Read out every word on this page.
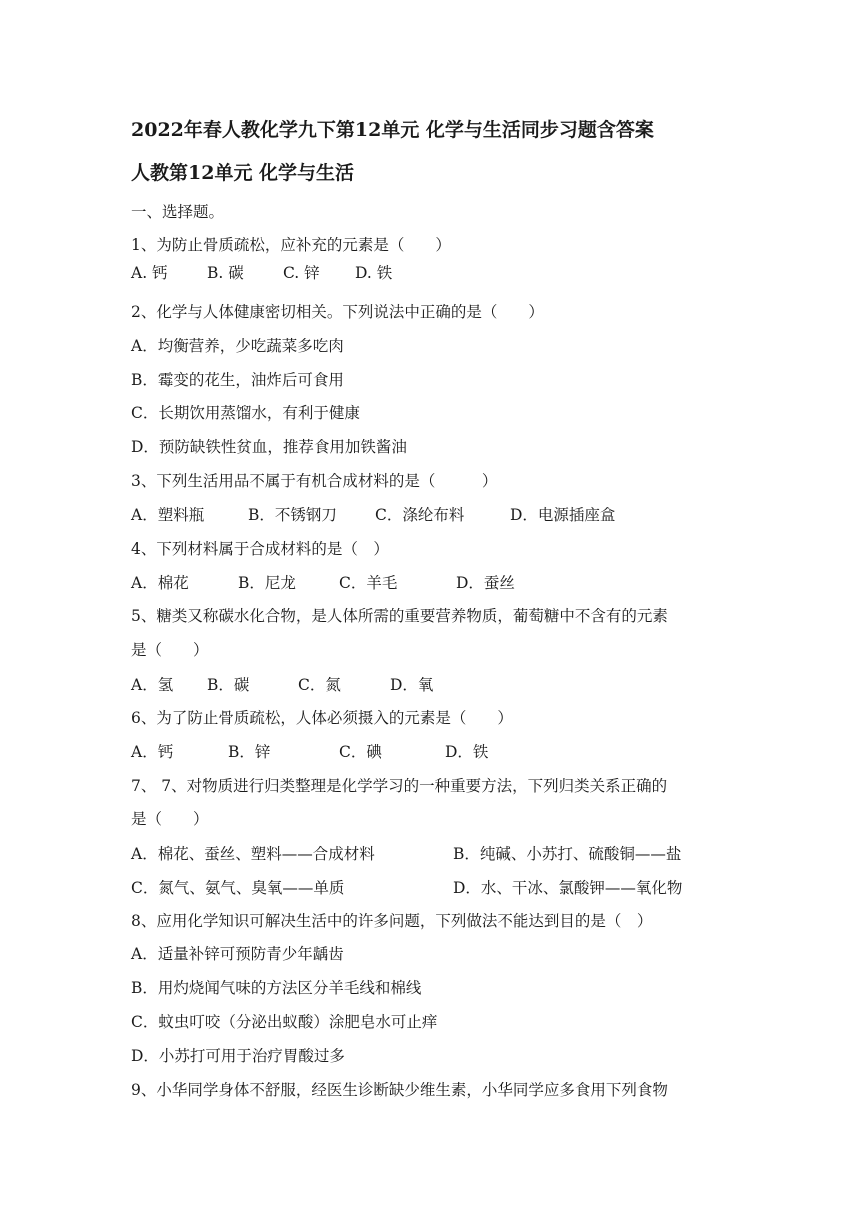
2022年春人教化学九下第12单元 化学与生活同步习题含答案
人教第12单元 化学与生活
一、选择题。
1、为防止骨质疏松，应补充的元素是（　　）
A. 钙	B. 碳	C. 锌 D. 铁
2、化学与人体健康密切相关。下列说法中正确的是（　　）
A．均衡营养，少吃蔬菜多吃肉
B．霉变的花生，油炸后可食用
C．长期饮用蒸馏水，有利于健康
D．预防缺铁性贫血，推荐食用加铁酱油
3、下列生活用品不属于有机合成材料的是（　　　）
A．塑料瓶	B．不锈钢刀 C．涤纶布料	D．电源插座盒
4、下列材料属于合成材料的是（　）
A．棉花	B．尼龙	C．羊毛	D．蚕丝
5、糖类又称碳水化合物，是人体所需的重要营养物质，葡萄糖中不含有的元素
是（　　）
A．氢 B．碳	C．氮	D．氧
6、为了防止骨质疏松，人体必须摄入的元素是（　　）
A．钙	B．锌	C．碘	D．铁
7、 7、对物质进行归类整理是化学学习的一种重要方法，下列归类关系正确的
是（　　）
A．棉花、蚕丝、塑料——合成材料	B．纯碱、小苏打、硫酸铜——盐
C．氮气、氨气、臭氧——单质	D．水、干冰、氯酸钾——氧化物
8、应用化学知识可解决生活中的许多问题，下列做法不能达到目的是（　）
A．适量补锌可预防青少年龋齿
B．用灼烧闻气味的方法区分羊毛线和棉线
C．蚊虫叮咬（分泌出蚁酸）涂肥皂水可止痒
D．小苏打可用于治疗胃酸过多
9、小华同学身体不舒服，经医生诊断缺少维生素，小华同学应多食用下列食物
